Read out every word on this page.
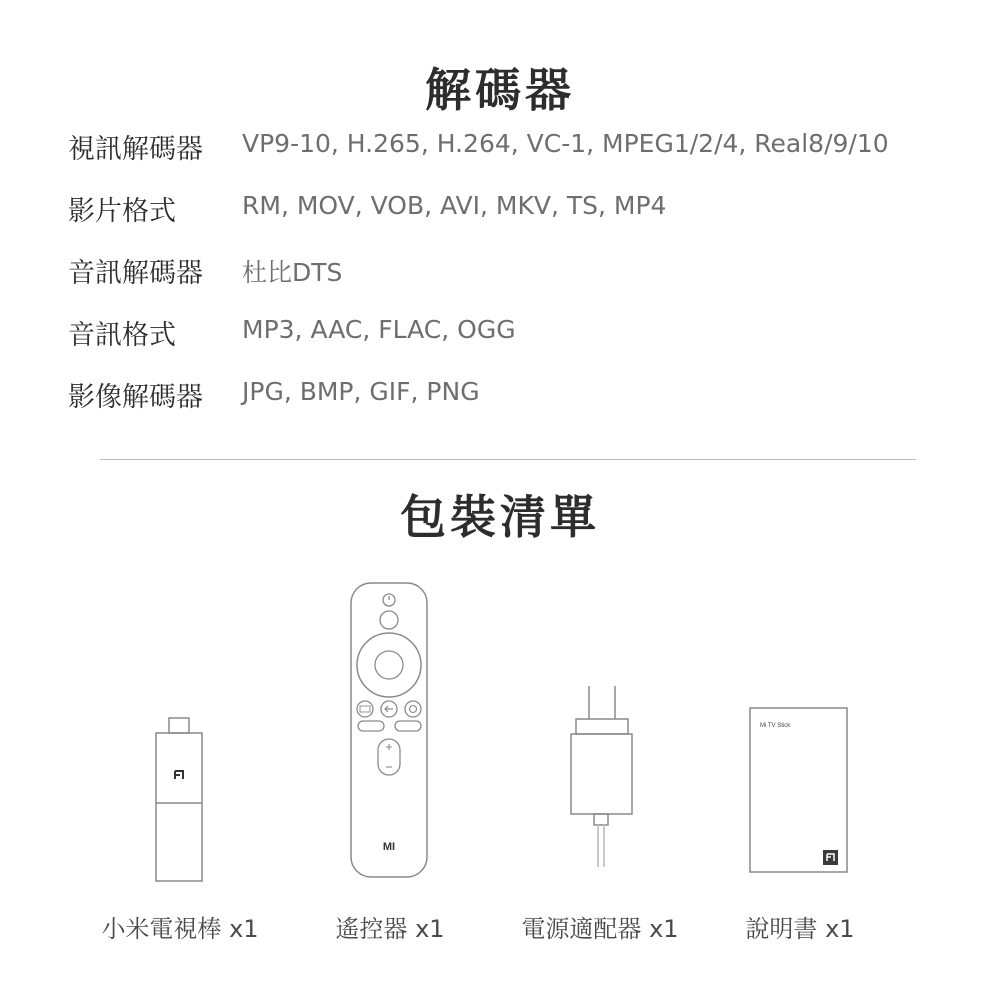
解碼器
視訊解碼器 VP9-10, H.265, H.264, VC-1, MPEG1/2/4, Real8/9/10
影片格式	RM, MOV, VOB, AVI, MKV, TS, MP4
音訊解碼器 杜比DTS
音訊格式	MP3, AAC, FLAC, OGG
影像解碼器 JPG, BMP, GIF, PNG
包裝清單
MI
Mi TV Stick
小米電視棒 x1	遙控器 x1	電源適配器 x1	說明書 x1
